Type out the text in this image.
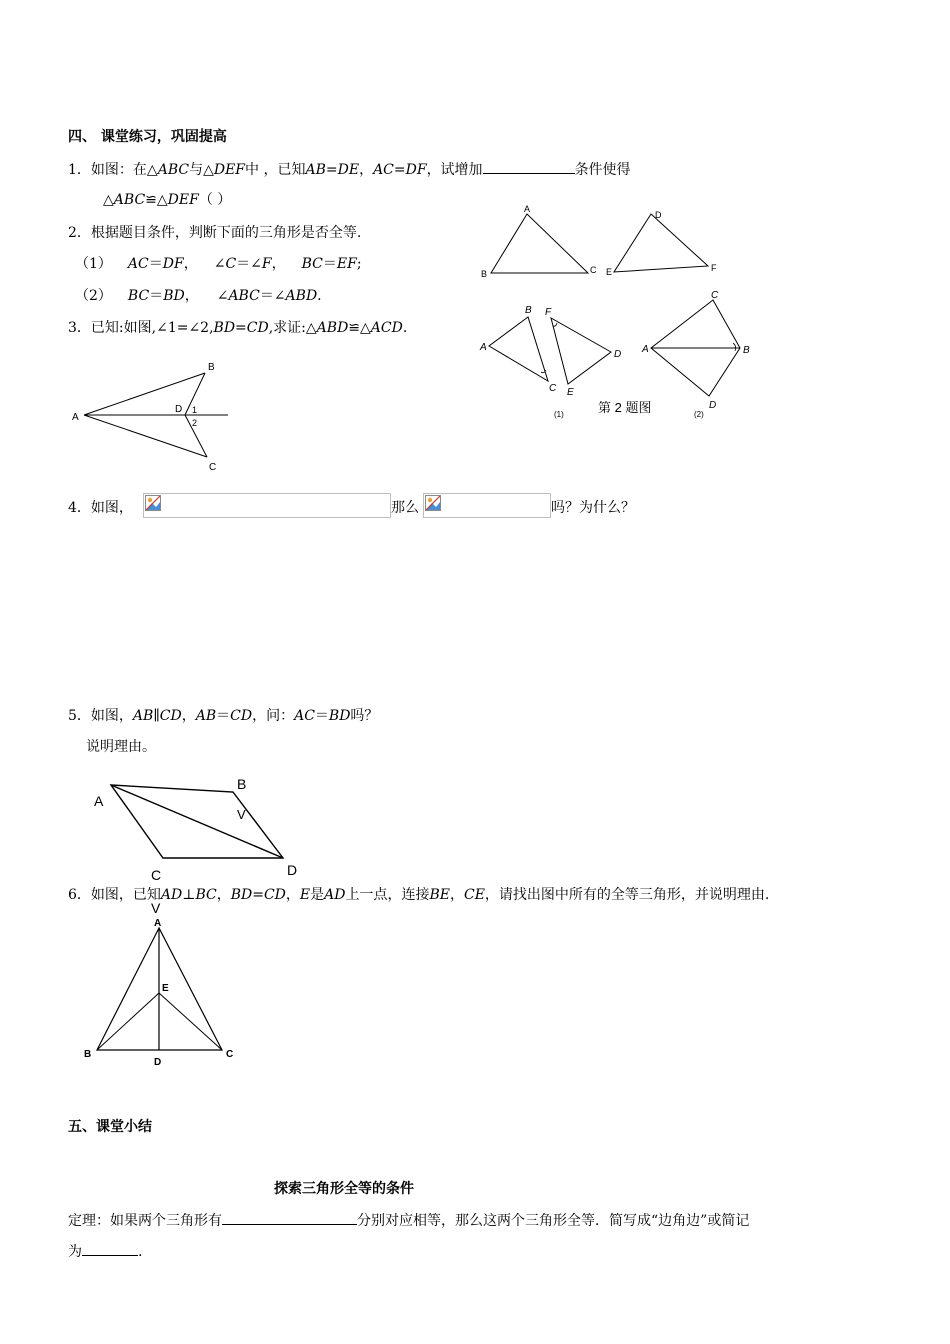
四、 课堂练习，巩固提高
1．如图：在△ABC与△DEF中 ，已知AB=DE，AC=DF，试增加	条件使得
△ABC≌△DEF（ ）
2．根据题目条件，判断下面的三角形是否全等.
（1） AC＝DF， ∠C＝∠F， BC＝EF;
（2） BC＝BD， ∠ABC＝∠ABD.
3．已知:如图,∠1=∠2,BD=CD,求证:△ABD≌△ACD.
A
B	C
D
E	F
B
A
C
F
E
D
(1)
C
A	B
D
(2)
第 2 题图
A
B
C
D 1
2
4．如图，	那么	吗？为什么？
5．如图，AB∥CD，AB＝CD，问：AC＝BD吗？
说明理由。
A
B
C	D
V
6．如图，已知AD⊥BC，BD=CD，E是AD上一点，连接BE，CE，请找出图中所有的全等三角形，并说明理由.
V
A
E
B
D
C
五、课堂小结
探索三角形全等的条件
定理：如果两个三角形有	分别对应相等，那么这两个三角形全等．简写成“边角边”或简记
为	.
